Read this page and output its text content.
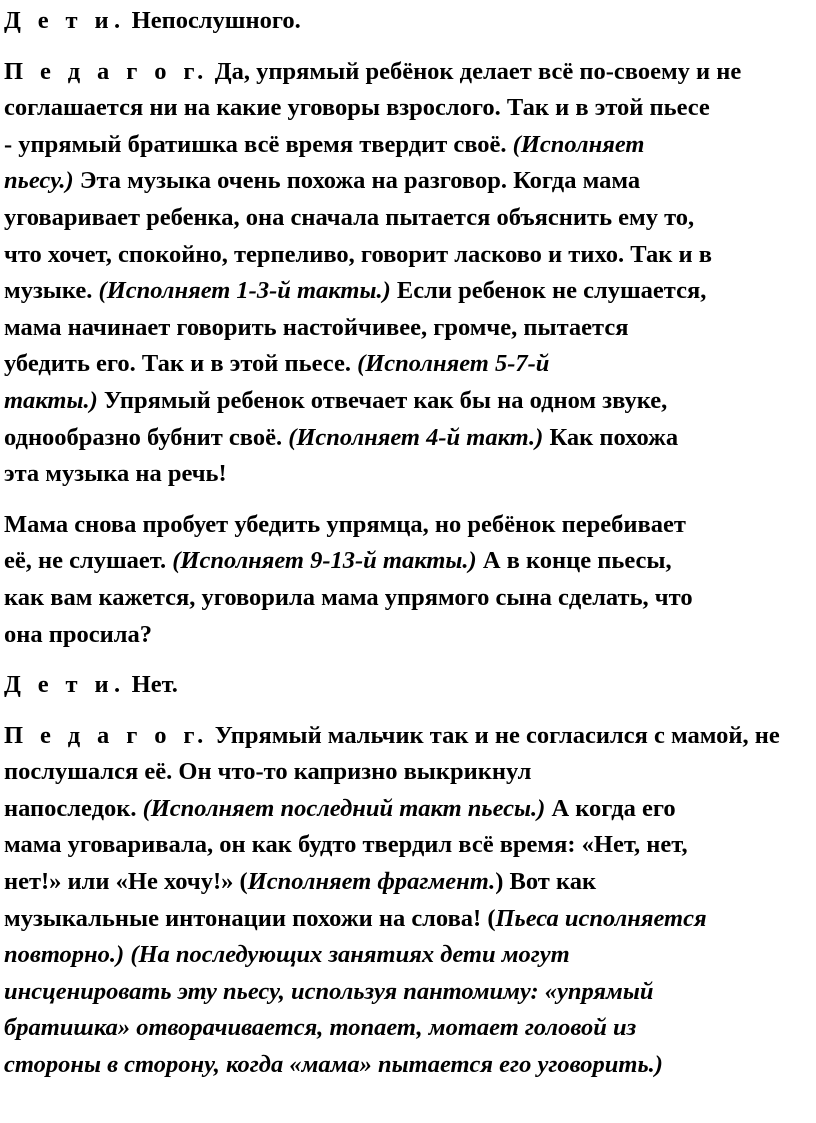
Д е т и. Непослушного.
П е д а г о г. Да, упрямый ребёнок делает всё по-своему и не
соглашается ни на какие уговоры взрослого. Так и в этой пьесе
- упрямый братишка всё время твердит своё. (Исполняет
пьесу.) Эта музыка очень похожа на разговор. Когда мама
уговаривает ребенка, она сначала пытается объяснить ему то,
что хочет, спокойно, терпеливо, говорит ласково и тихо. Так и в
музыке. (Исполняет 1-3-й такты.) Если ребенок не слушается,
мама начинает говорить настойчивее, громче, пытается
убедить его. Так и в этой пьесе. (Исполняет 5-7-й
такты.) Упрямый ребенок отвечает как бы на одном звуке,
однообразно бубнит своё. (Исполняет 4-й такт.) Как похожа
эта музыка на речь!
Мама снова пробует убедить упрямца, но ребёнок перебивает
её, не слушает. (Исполняет 9-13-й такты.) А в конце пьесы,
как вам кажется, уговорила мама упрямого сына сделать, что
она просила?
Д е т и. Нет.
П е д а г о г. Упрямый мальчик так и не согласился с мамой, не
послушался её. Он что-то капризно выкрикнул
напоследок. (Исполняет последний такт пьесы.) А когда его
мама уговаривала, он как будто твердил всё время: «Нет, нет,
нет!» или «Не хочу!» (Исполняет фрагмент.) Вот как
музыкальные интонации похожи на слова! (Пьеса исполняется
повторно.) (На последующих занятиях дети могут
инсценировать эту пьесу, используя пантомиму: «упрямый
братишка» отворачивается, топает, мотает головой из
стороны в сторону, когда «мама» пытается его уговорить.)
